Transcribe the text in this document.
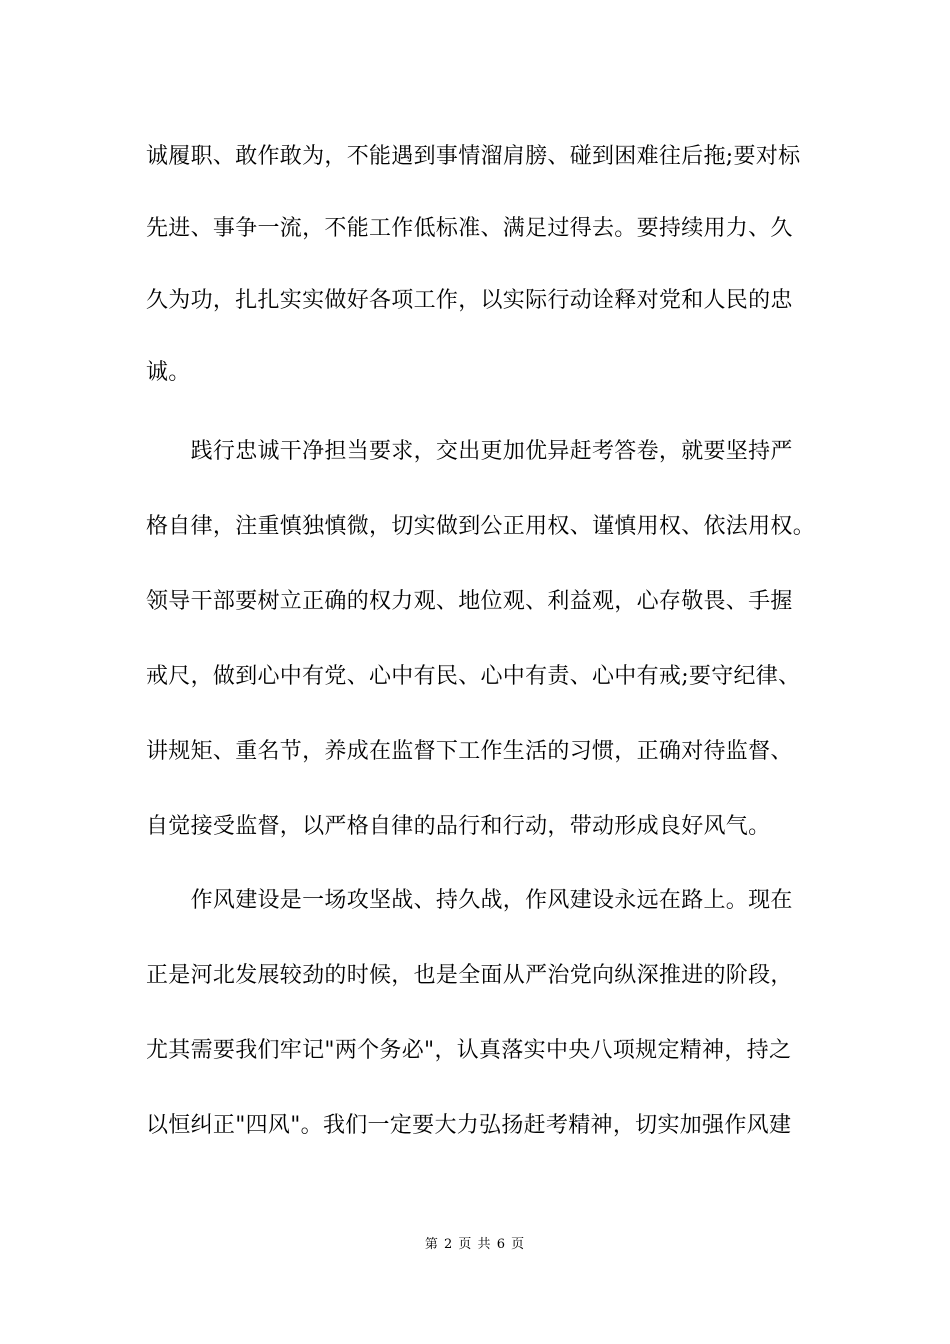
诚履职、敢作敢为，不能遇到事情溜肩膀、碰到困难往后拖;要对标
先进、事争一流，不能工作低标准、满足过得去。要持续用力、久
久为功，扎扎实实做好各项工作，以实际行动诠释对党和人民的忠
诚。
　　践行忠诚干净担当要求，交出更加优异赶考答卷，就要坚持严
格自律，注重慎独慎微，切实做到公正用权、谨慎用权、依法用权。
领导干部要树立正确的权力观、地位观、利益观，心存敬畏、手握
戒尺，做到心中有党、心中有民、心中有责、心中有戒;要守纪律、
讲规矩、重名节，养成在监督下工作生活的习惯，正确对待监督、
自觉接受监督，以严格自律的品行和行动，带动形成良好风气。
　　作风建设是一场攻坚战、持久战，作风建设永远在路上。现在
正是河北发展较劲的时候，也是全面从严治党向纵深推进的阶段，
尤其需要我们牢记"两个务必"，认真落实中央八项规定精神，持之
以恒纠正"四风"。我们一定要大力弘扬赶考精神，切实加强作风建
第 2 页 共 6 页
